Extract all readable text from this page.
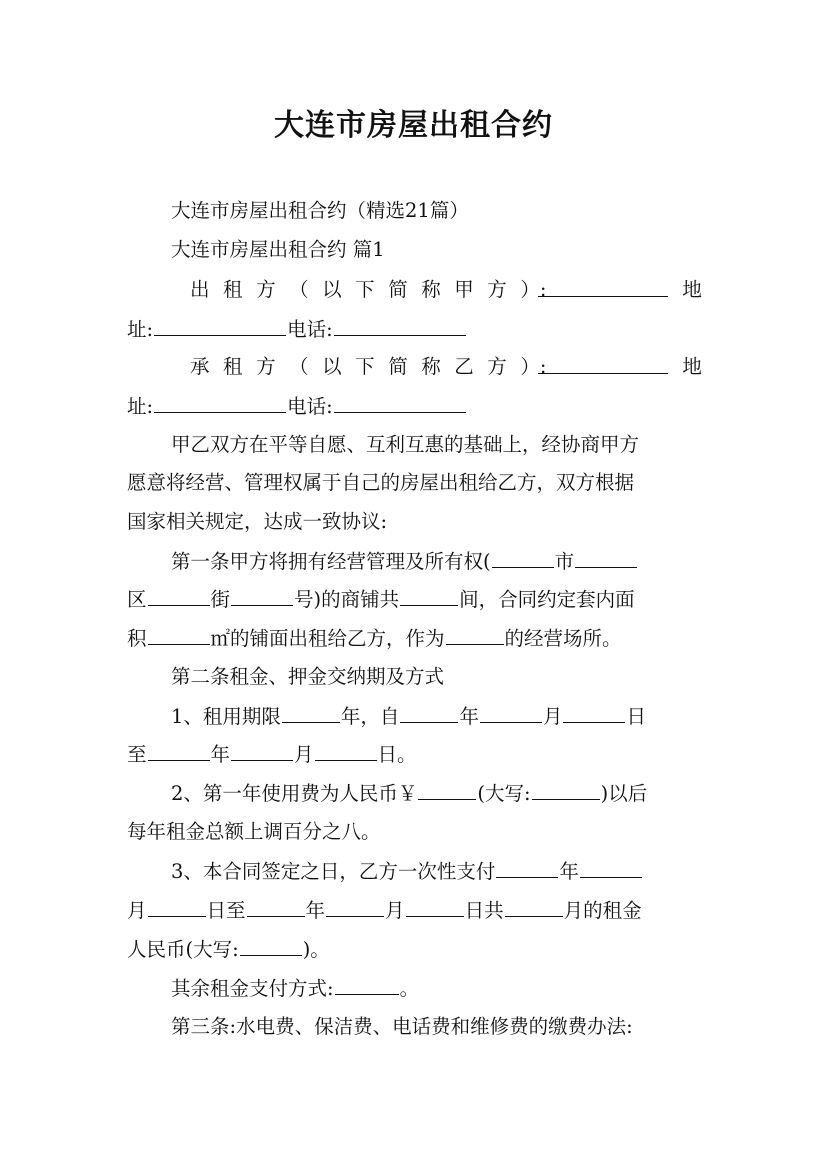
大连市房屋出租合约

大连市房屋出租合约（精选21篇）

大连市房屋出租合约 篇1

出 租 方 （ 以 下 简 称 甲 方 ）:	地
址:	电话:
承 租 方 （ 以 下 简 称 乙 方 ）:	地
址:	电话:

甲乙双方在平等自愿、互利互惠的基础上，经协商甲方

愿意将经营、管理权属于自己的房屋出租给乙方，双方根据

国家相关规定，达成一致协议:

第一条甲方将拥有经营管理及所有权(	市
区	街	号)的商铺共	间，合同约定套内面
积	㎡的铺面出租给乙方，作为	的经营场所。

第二条租金、押金交纳期及方式

1、租用期限	年，自	年	月	日
至	年	月	日。
2、第一年使用费为人民币￥	(大写:	)以后

每年租金总额上调百分之八。

3、本合同签定之日，乙方一次性支付	年
月	日至	年	月	日共	月的租金
人民币(大写:	)。
其余租金支付方式:	。

第三条:水电费、保洁费、电话费和维修费的缴费办法:
